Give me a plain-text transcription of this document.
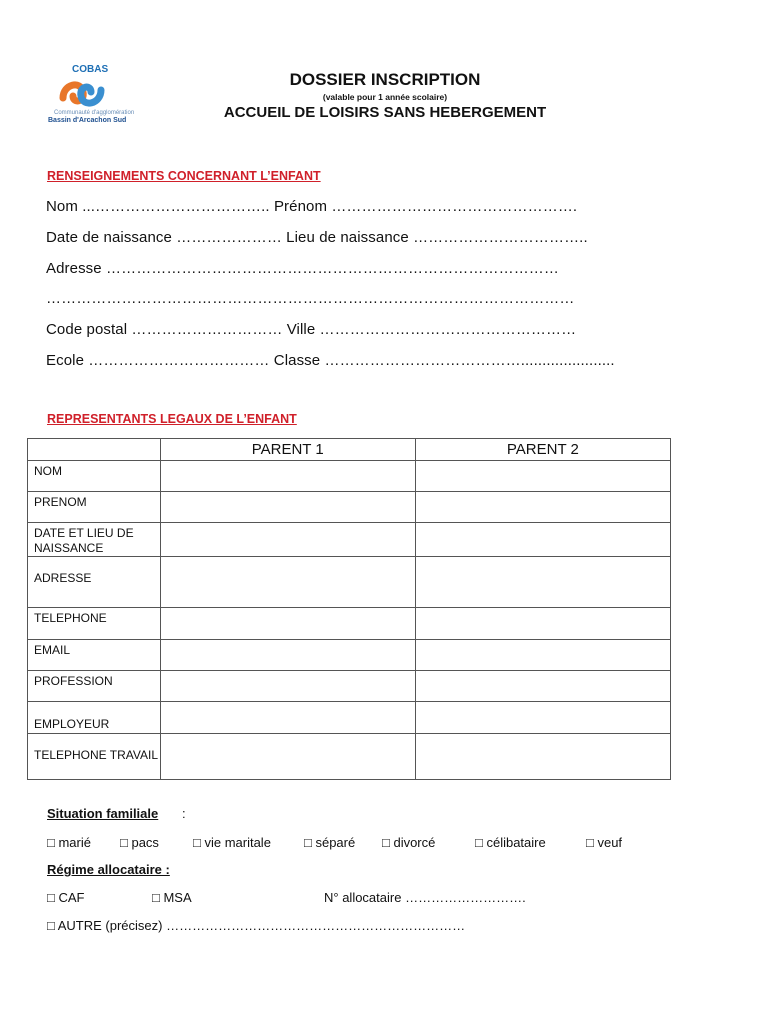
COBAS
Communauté d'agglomération
Bassin d'Arcachon Sud
DOSSIER INSCRIPTION
(valable pour 1 année scolaire)
ACCUEIL DE LOISIRS SANS HEBERGEMENT
RENSEIGNEMENTS CONCERNANT L’ENFANT
Nom ...…………………………….. Prénom ………………………………………….
Date de naissance ………………… Lieu de naissance ……………………………..
Adresse ………………………………………………………………………………
……………………………………………………………………………………………
Code postal ………………………… Ville ……………………………………………
Ecole ……………………………… Classe …………………………………......................
REPRESENTANTS LEGAUX DE L’ENFANT
	PARENT 1	PARENT 2
NOM		
PRENOM		
DATE ET LIEU DE NAISSANCE		
ADRESSE		
TELEPHONE		
EMAIL		
PROFESSION		
EMPLOYEUR		
TELEPHONE TRAVAIL		
Situation familiale :
□ marié □ pacs	□ vie maritale	□ séparé □ divorcé	□ célibataire	□ veuf
Régime allocataire :
□ CAF	□ MSA	N° allocataire ……………………….
□ AUTRE (précisez) ……………………………………………………………
